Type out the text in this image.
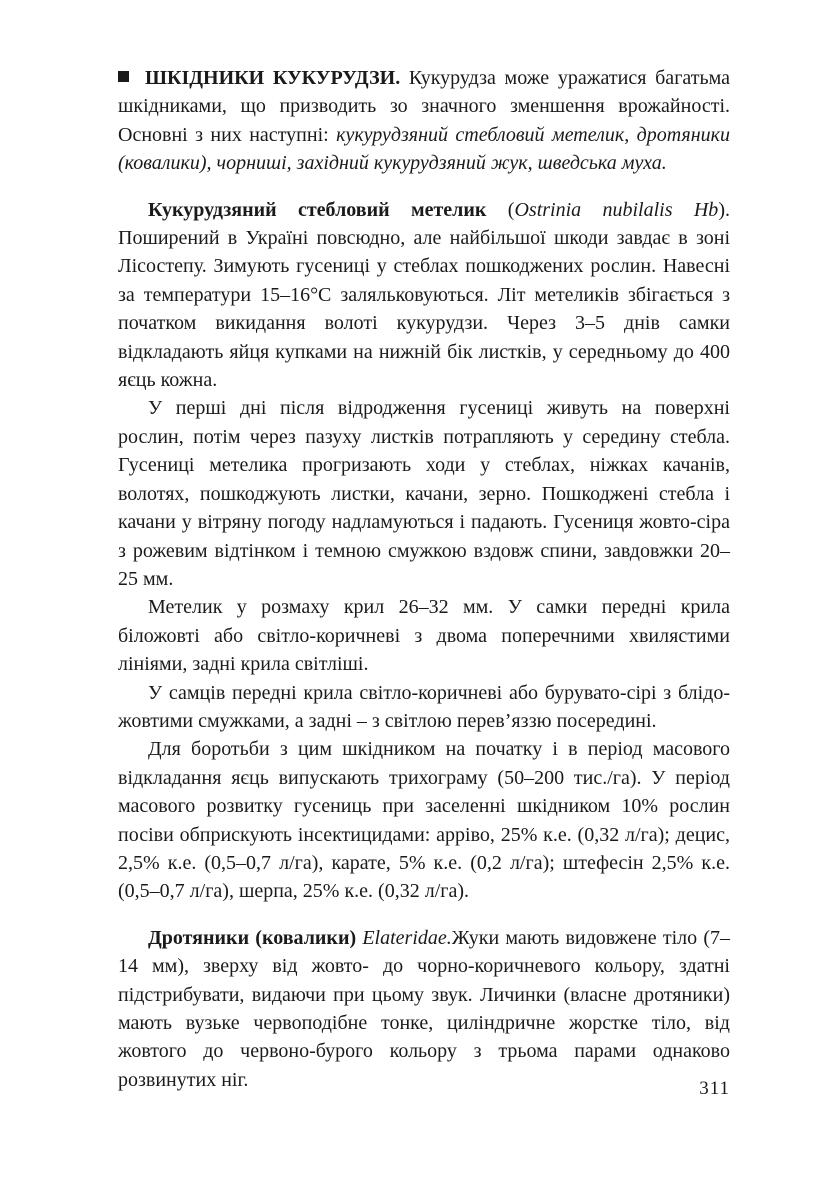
ШКІДНИКИ КУКУРУДЗИ. Кукурудза може уражатися багатьма шкідниками, що призводить зо значного зменшення врожайності. Основні з них наступні: кукурудзяний стебловий метелик, дротяники (ковалики), чорниші, західний кукурудзяний жук, шведська муха.

Кукурудзяний стебловий метелик (Ostrinia nubilalis Hb). Поширений в Україні повсюдно, але найбільшої шкоди завдає в зоні Лісостепу. Зимують гусениці у стеблах пошкоджених рослин. Навесні за температури 15–16°С заляльковуються. Літ метеликів збігається з початком викидання волоті кукурудзи. Через 3–5 днів самки відкладають яйця купками на нижній бік листків, у середньому до 400 яєць кожна.

У перші дні після відродження гусениці живуть на поверхні рослин, потім через пазуху листків потрапляють у середину стебла. Гусениці метелика прогризають ходи у стеблах, ніжках качанів, волотях, пошкоджують листки, качани, зерно. Пошкоджені стебла і качани у вітряну погоду надламуються і падають. Гусениця жовто-сіра з рожевим відтінком і темною смужкою вздовж спини, завдовжки 20–25 мм.

Метелик у розмаху крил 26–32 мм. У самки передні крила біложовті або світло-коричневі з двома поперечними хвилястими лініями, задні крила світліші.

У самців передні крила світло-коричневі або бурувато-сірі з блідо-жовтими смужками, а задні – з світлою перев’яззю посередині.

Для боротьби з цим шкідником на початку і в період масового відкладання яєць випускають трихограму (50–200 тис./га). У період масового розвитку гусениць при заселенні шкідником 10% рослин посіви обприскують інсектицидами: арріво, 25% к.е. (0,32 л/га); децис, 2,5% к.е. (0,5–0,7 л/га), карате, 5% к.е. (0,2 л/га); штефесін 2,5% к.е. (0,5–0,7 л/га), шерпа, 25% к.е. (0,32 л/га).

Дротяники (ковалики) Elateridae.Жуки мають видовжене тіло (7–14 мм), зверху від жовто- до чорно-коричневого кольору, здатні підстрибувати, видаючи при цьому звук. Личинки (власне дротяники) мають вузьке червоподібне тонке, циліндричне жорстке тіло, від жовтого до червоно-бурого кольору з трьома парами однаково розвинутих ніг.	311
